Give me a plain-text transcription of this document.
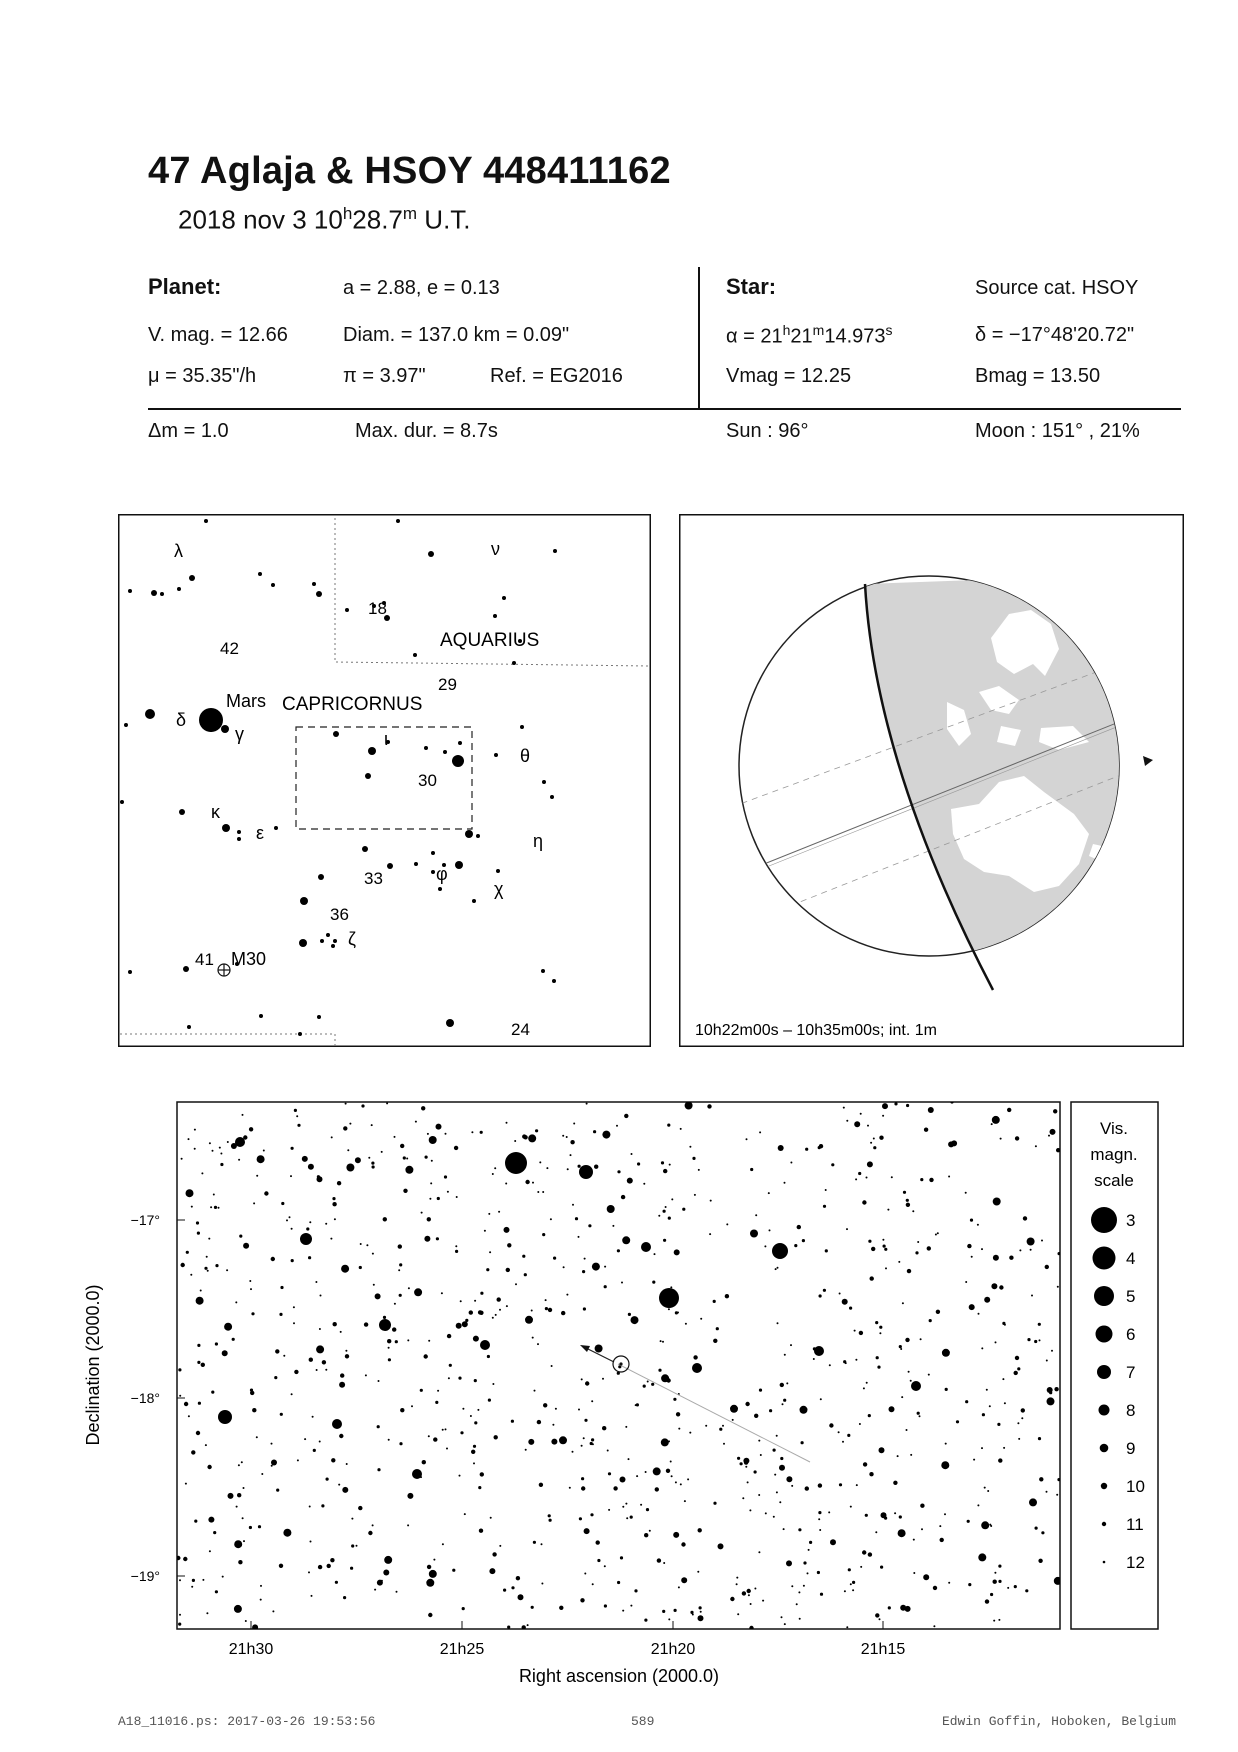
47 Aglaja & HSOY 448411162
2018 nov 3 10$^h$28.7$^m$ U.T.
Planet:	a = 2.88, e = 0.13
V. mag. = 12.66	Diam. = 137.0 km = 0.09"
μ = 35.35"/h	π = 3.97"	Ref. = EG2016
Star:	Source cat. HSOY
$\alpha = 21^h21^m14.973^s$	δ = −17°48'20.72"
Vmag = 12.25	Bmag = 13.50
Δm = 1.0	Max. dur. = 8.7s	Sun : 96°	Moon : 151° , 21%
AQUARIUS
CAPRICORNUS
Mars
M30
λ	ν
18
42
29
δ
γ	ι
θ
30
κ
ε	η
33	φ
χ
36
ζ
41
24	10h22m00s – 10h35m00s; int. 1m
−17°
−18°
−19°
21h30	21h25	21h20	21h15
Right ascension (2000.0)
Declination (2000.0)
Vis.
magn.
scale
3
4
5
6
7
8
9
10
11
12
A18_11016.ps: 2017-03-26 19:53:56	589	Edwin Goffin, Hoboken, Belgium
